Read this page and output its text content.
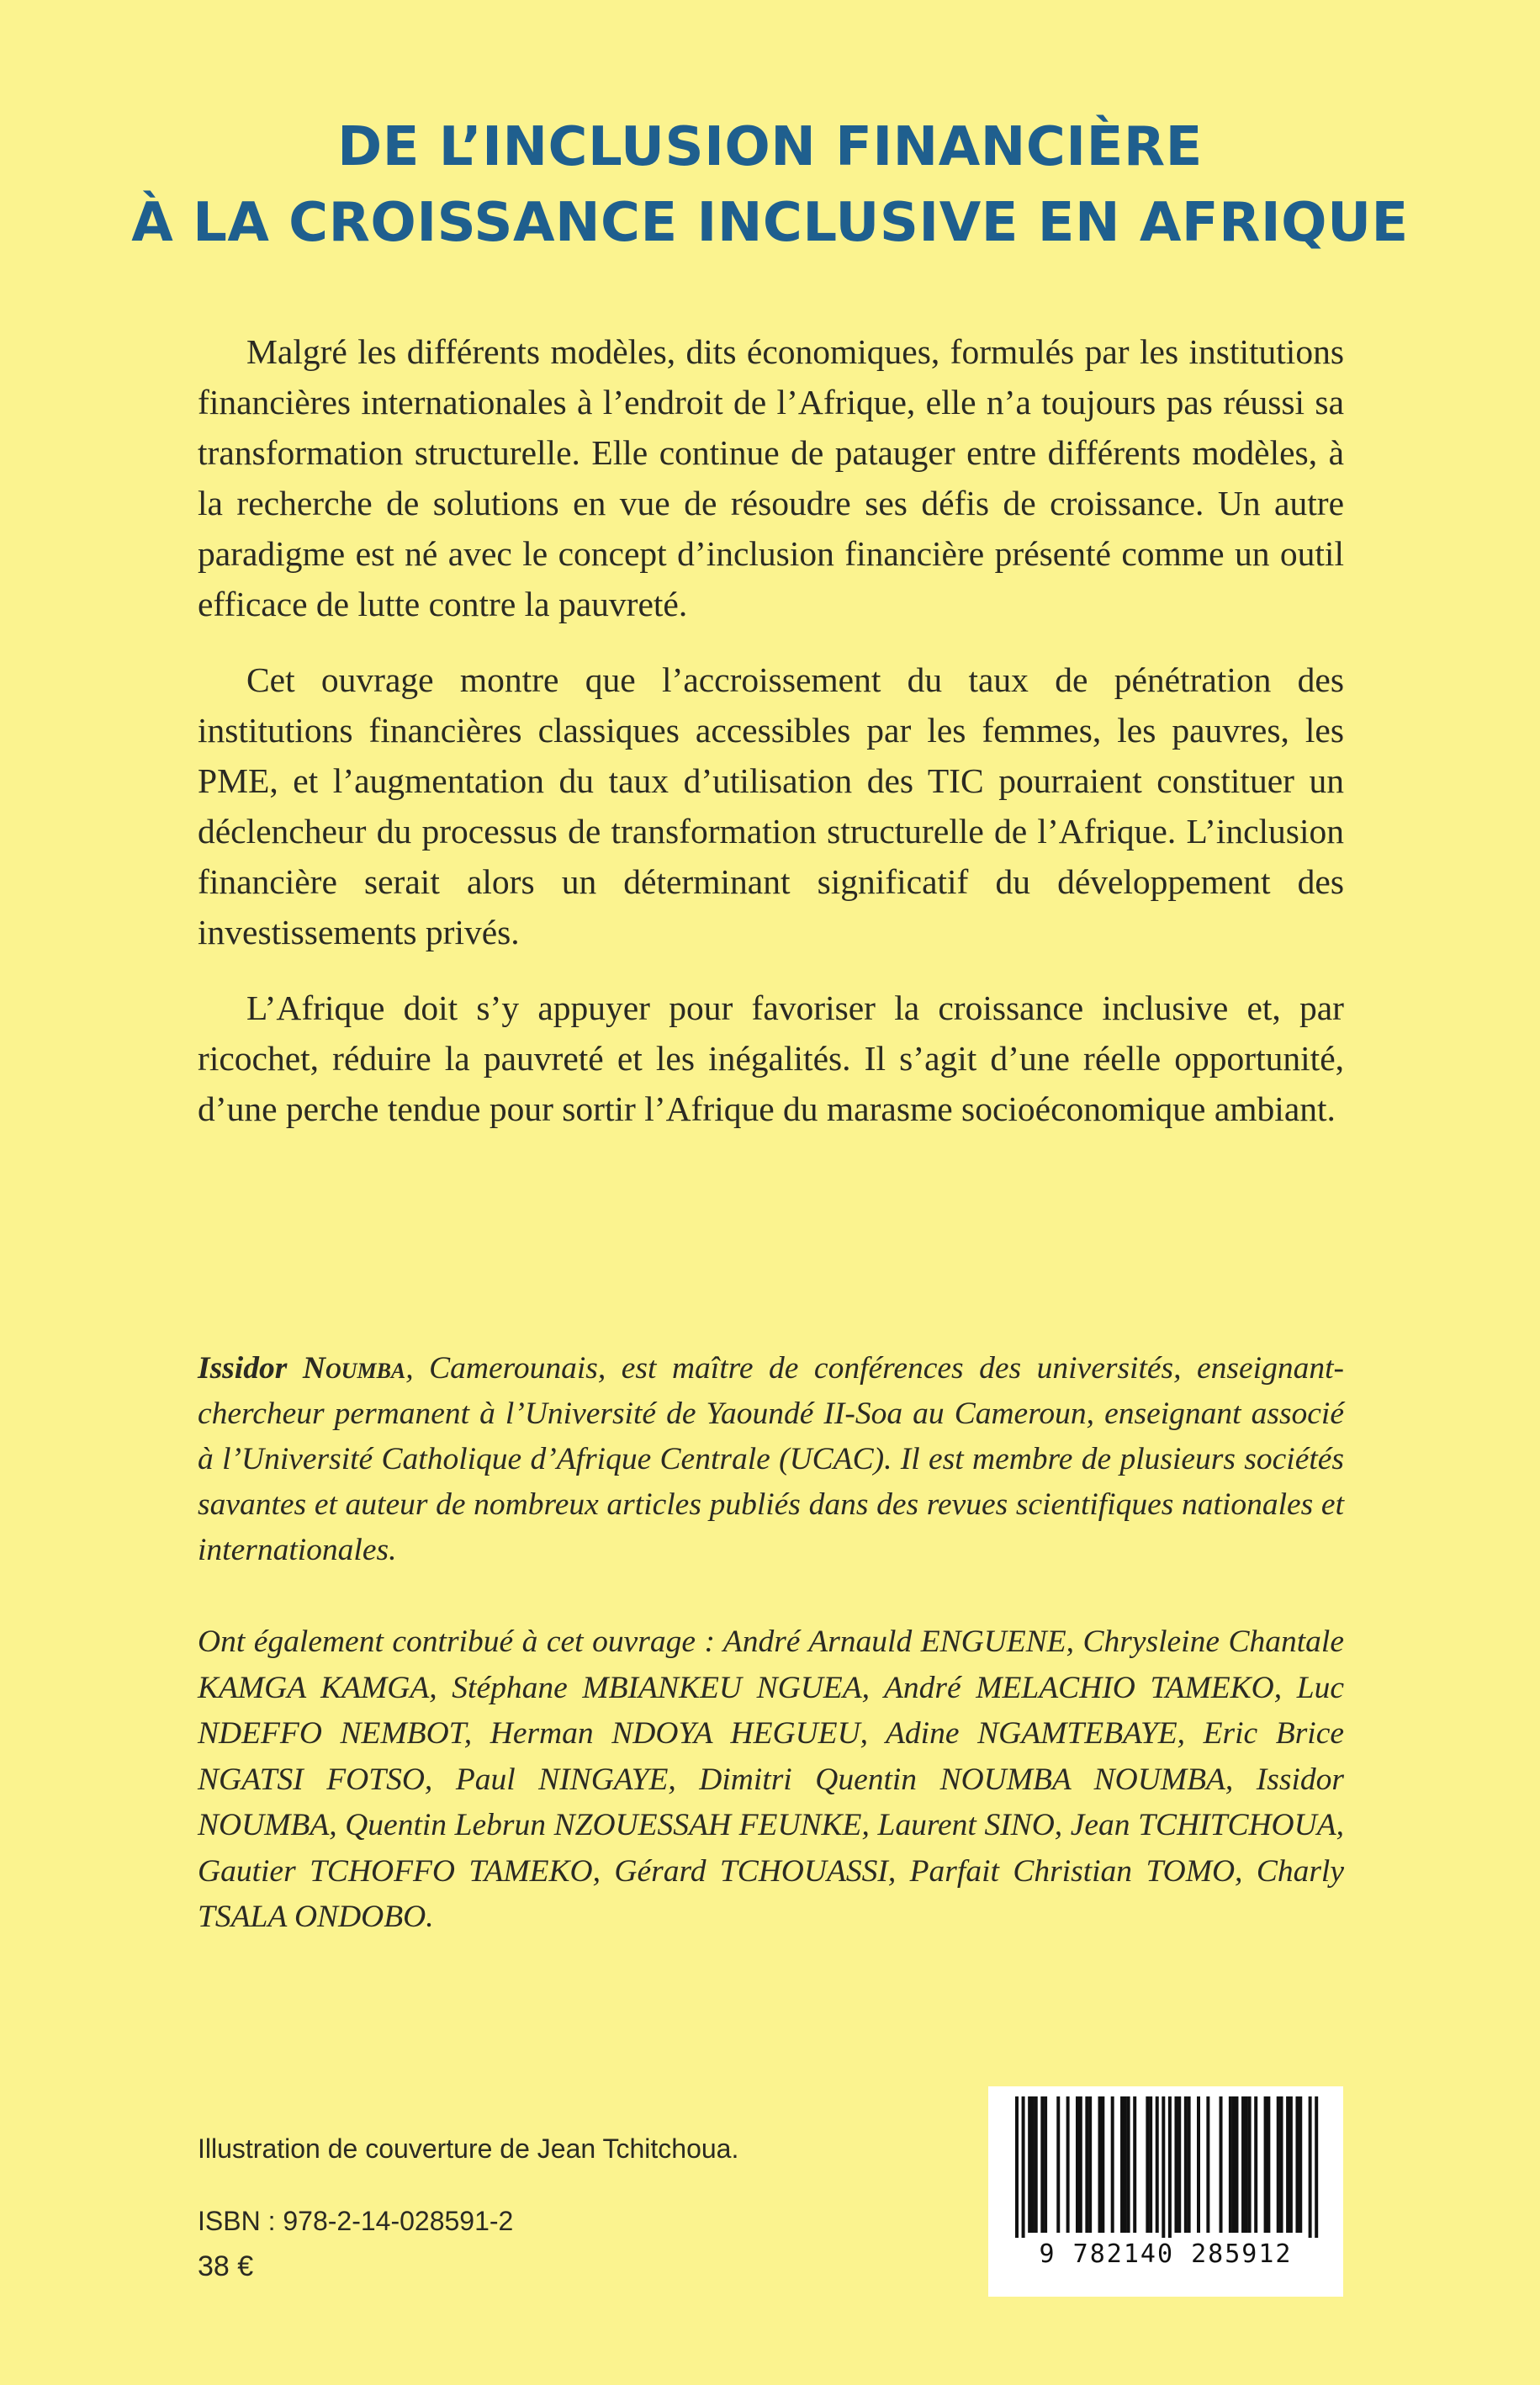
DE L’INCLUSION FINANCIÈRE
À LA CROISSANCE INCLUSIVE EN AFRIQUE

Malgré les différents modèles, dits économiques, formulés par les institutions financières internationales à l’endroit de l’Afrique, elle n’a toujours pas réussi sa transformation structurelle. Elle continue de patauger entre différents modèles, à la recherche de solutions en vue de résoudre ses défis de croissance. Un autre paradigme est né avec le concept d’inclusion financière présenté comme un outil efficace de lutte contre la pauvreté.

Cet ouvrage montre que l’accroissement du taux de pénétration des institutions financières classiques accessibles par les femmes, les pauvres, les PME, et l’augmentation du taux d’utilisation des TIC pourraient constituer un déclencheur du processus de transformation structurelle de l’Afrique. L’inclusion financière serait alors un déterminant significatif du développement des investissements privés.

L’Afrique doit s’y appuyer pour favoriser la croissance inclusive et, par ricochet, réduire la pauvreté et les inégalités. Il s’agit d’une réelle opportunité, d’une perche tendue pour sortir l’Afrique du marasme socioéconomique ambiant.

Issidor Noumba, Camerounais, est maître de conférences des universités, enseignant-chercheur permanent à l’Université de Yaoundé II-Soa au Cameroun, enseignant associé à l’Université Catholique d’Afrique Centrale (UCAC). Il est membre de plusieurs sociétés savantes et auteur de nombreux articles publiés dans des revues scientifiques nationales et internationales.
Ont également contribué à cet ouvrage : André Arnauld ENGUENE, Chrysleine Chantale KAMGA KAMGA, Stéphane MBIANKEU NGUEA, André MELACHIO TAMEKO, Luc NDEFFO NEMBOT, Herman NDOYA HEGUEU, Adine NGAMTEBAYE, Eric Brice NGATSI FOTSO, Paul NINGAYE, Dimitri Quentin NOUMBA NOUMBA, Issidor NOUMBA, Quentin Lebrun NZOUESSAH FEUNKE, Laurent SINO, Jean TCHITCHOUA, Gautier TCHOFFO TAMEKO, Gérard TCHOUASSI, Parfait Christian TOMO, Charly TSALA ONDOBO.
Illustration de couverture de Jean Tchitchoua.
ISBN : 978-2-14-028591-2
38 €	9 782140 285912
